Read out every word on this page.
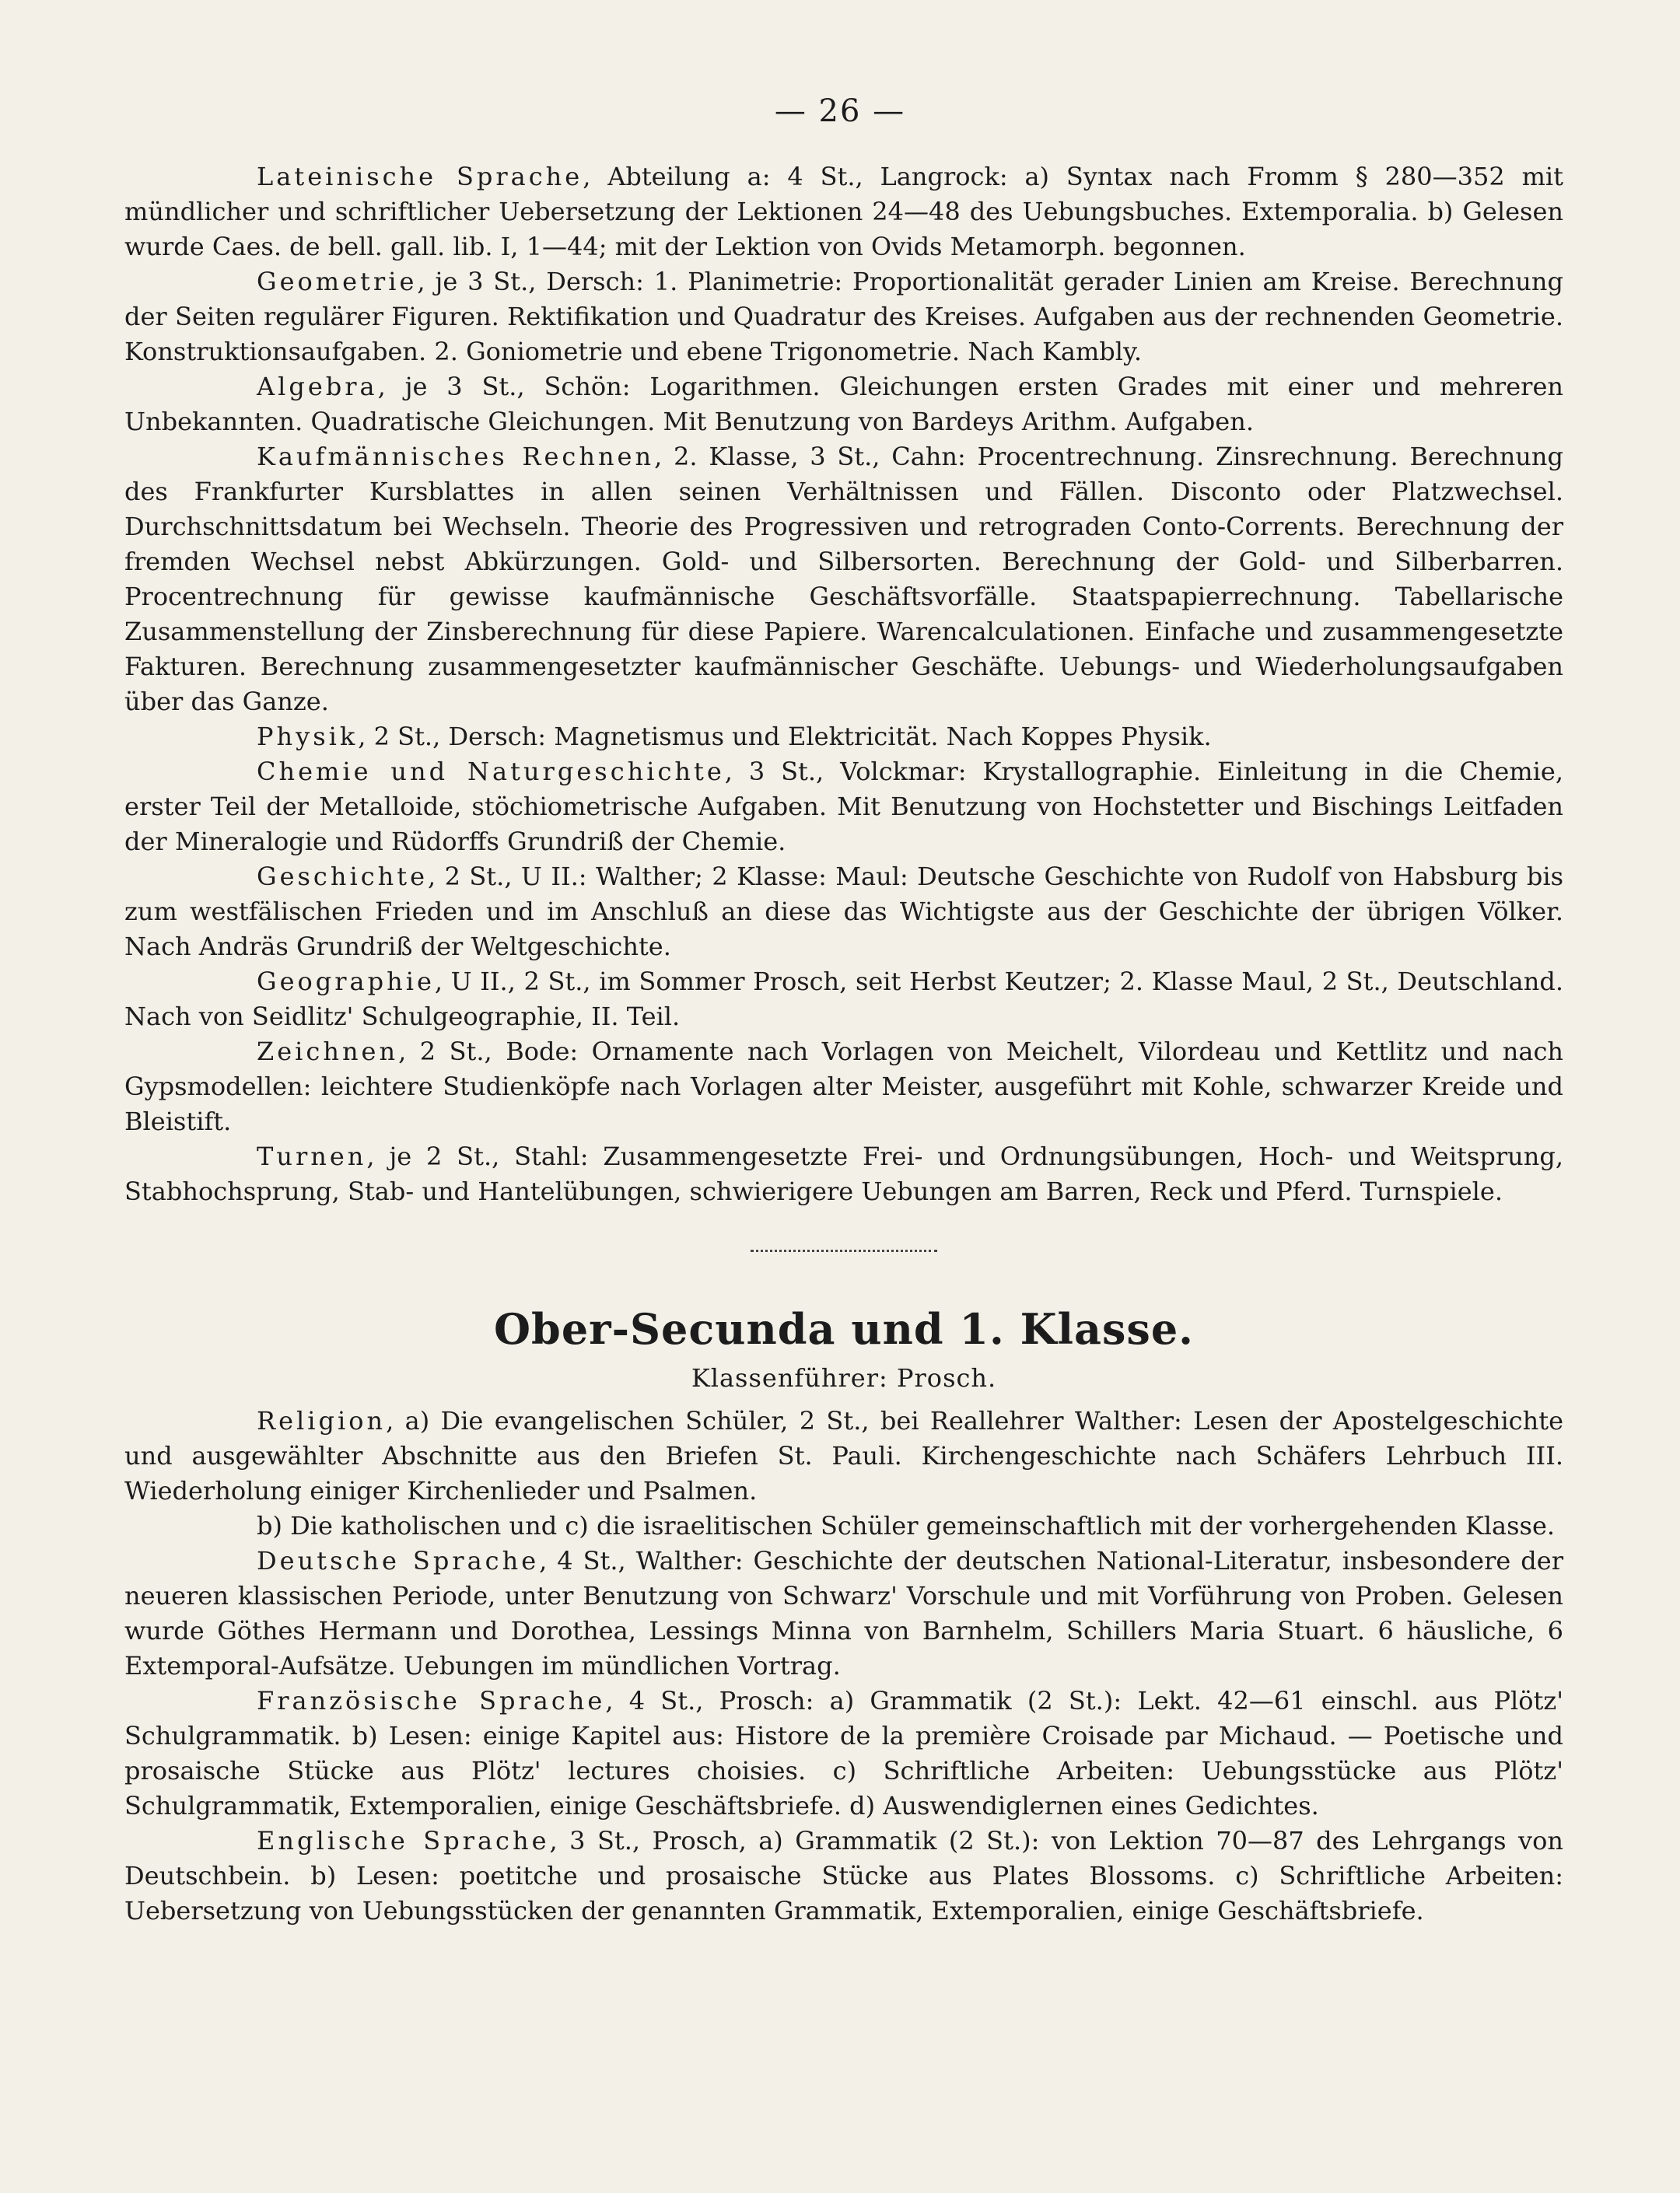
— 26 —

Lateinische Sprache, Abteilung a: 4 St., Langrock: a) Syntax nach Fromm § 280—352 mit mündlicher und schriftlicher Uebersetzung der Lektionen 24—48 des Uebungsbuches. Extemporalia. b) Gelesen wurde Caes. de bell. gall. lib. I, 1—44; mit der Lektion von Ovids Metamorph. begonnen.

Geometrie, je 3 St., Dersch: 1. Planimetrie: Proportionalität gerader Linien am Kreise. Berechnung der Seiten regulärer Figuren. Rektifikation und Quadratur des Kreises. Aufgaben aus der rechnenden Geometrie. Konstruktionsaufgaben. 2. Goniometrie und ebene Trigonometrie. Nach Kambly.

Algebra, je 3 St., Schön: Logarithmen. Gleichungen ersten Grades mit einer und mehreren Unbekannten. Quadratische Gleichungen. Mit Benutzung von Bardeys Arithm. Aufgaben.

Kaufmännisches Rechnen, 2. Klasse, 3 St., Cahn: Procentrechnung. Zinsrechnung. Berechnung des Frankfurter Kursblattes in allen seinen Verhältnissen und Fällen. Disconto oder Platzwechsel. Durchschnittsdatum bei Wechseln. Theorie des Progressiven und retrograden Conto-Corrents. Berechnung der fremden Wechsel nebst Abkürzungen. Gold- und Silbersorten. Berechnung der Gold- und Silberbarren. Procentrechnung für gewisse kaufmännische Geschäftsvorfälle. Staatspapierrechnung. Tabellarische Zusammenstellung der Zinsberechnung für diese Papiere. Warencalculationen. Einfache und zusammengesetzte Fakturen. Berechnung zusammengesetzter kaufmännischer Geschäfte. Uebungs- und Wiederholungsaufgaben über das Ganze.

Physik, 2 St., Dersch: Magnetismus und Elektricität. Nach Koppes Physik.

Chemie und Naturgeschichte, 3 St., Volckmar: Krystallographie. Einleitung in die Chemie, erster Teil der Metalloide, stöchiometrische Aufgaben. Mit Benutzung von Hochstetter und Bischings Leitfaden der Mineralogie und Rüdorffs Grundriß der Chemie.

Geschichte, 2 St., U II.: Walther; 2 Klasse: Maul: Deutsche Geschichte von Rudolf von Habsburg bis zum westfälischen Frieden und im Anschluß an diese das Wichtigste aus der Geschichte der übrigen Völker. Nach Andräs Grundriß der Weltgeschichte.

Geographie, U II., 2 St., im Sommer Prosch, seit Herbst Keutzer; 2. Klasse Maul, 2 St., Deutschland. Nach von Seidlitz' Schulgeographie, II. Teil.

Zeichnen, 2 St., Bode: Ornamente nach Vorlagen von Meichelt, Vilordeau und Kettlitz und nach Gypsmodellen: leichtere Studienköpfe nach Vorlagen alter Meister, ausgeführt mit Kohle, schwarzer Kreide und Bleistift.

Turnen, je 2 St., Stahl: Zusammengesetzte Frei- und Ordnungsübungen, Hoch- und Weitsprung, Stabhochsprung, Stab- und Hantelübungen, schwierigere Uebungen am Barren, Reck und Pferd. Turnspiele.

Ober-Secunda und 1. Klasse.
Klassenführer: Prosch.

Religion, a) Die evangelischen Schüler, 2 St., bei Reallehrer Walther: Lesen der Apostelgeschichte und ausgewählter Abschnitte aus den Briefen St. Pauli. Kirchengeschichte nach Schäfers Lehrbuch III. Wiederholung einiger Kirchenlieder und Psalmen.

b) Die katholischen und c) die israelitischen Schüler gemeinschaftlich mit der vorhergehenden Klasse.

Deutsche Sprache, 4 St., Walther: Geschichte der deutschen National-Literatur, insbesondere der neueren klassischen Periode, unter Benutzung von Schwarz' Vorschule und mit Vorführung von Proben. Gelesen wurde Göthes Hermann und Dorothea, Lessings Minna von Barnhelm, Schillers Maria Stuart. 6 häusliche, 6 Extemporal-Aufsätze. Uebungen im mündlichen Vortrag.

Französische Sprache, 4 St., Prosch: a) Grammatik (2 St.): Lekt. 42—61 einschl. aus Plötz' Schulgrammatik. b) Lesen: einige Kapitel aus: Histore de la première Croisade par Michaud. — Poetische und prosaische Stücke aus Plötz' lectures choisies. c) Schriftliche Arbeiten: Uebungsstücke aus Plötz' Schulgrammatik, Extemporalien, einige Geschäftsbriefe. d) Auswendiglernen eines Gedichtes.

Englische Sprache, 3 St., Prosch, a) Grammatik (2 St.): von Lektion 70—87 des Lehrgangs von Deutschbein. b) Lesen: poetitche und prosaische Stücke aus Plates Blossoms. c) Schriftliche Arbeiten: Uebersetzung von Uebungsstücken der genannten Grammatik, Extemporalien, einige Geschäftsbriefe.
